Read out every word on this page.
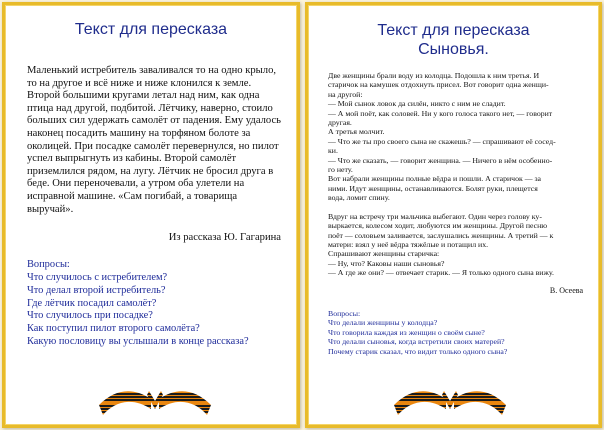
Текст для пересказа

Маленький истребитель заваливался то на одно крыло, то на другое и всё ниже и ниже клонился к земле. Второй большими кругами летал над ним, как одна птица над другой, подбитой. Лётчику, наверно, стоило больших сил удержать самолёт от падения. Ему удалось наконец посадить машину на торфяном болоте за околицей. При посадке самолёт перевернулся, но пилот успел выпрыгнуть из кабины. Второй самолёт приземлился рядом, на лугу. Лётчик не бросил друга в беде. Они переночевали, а утром оба улетели на исправной машине. «Сам погибай, а товарища выручай».

Из рассказа Ю. Гагарина
Вопросы:
Что случилось с истребителем?
Что делал второй истребитель?
Где лётчик посадил самолёт?
Что случилось при посадке?
Как поступил пилот второго самолёта?
Какую пословицу вы услышали в конце рассказа?
Текст для пересказа
Сыновья.
Две женщины брали воду из колодца. Подошла к ним третья. И
старичок на камушек отдохнуть присел. Вот говорит одна женщи-
на другой:
— Мой сынок ловок да силён, никто с ним не сладит.
— А мой поёт, как соловей. Ни у кого голоса такого нет, — говорит
другая.
А третья молчит.
— Что же ты про своего сына не скажешь? — спрашивают её сосед-
ки.
— Что же сказать, — говорит женщина. — Ничего в нём особенно-
го нету.
Вот набрали женщины полные вёдра и пошли. А старичок — за
ними. Идут женщины, останавливаются. Болят руки, плещется
вода, ломит спину.
Вдруг на встречу три мальчика выбегают. Один через голову ку-
выркается, колесом ходит, любуются им женщины. Другой песню
поёт — соловьем заливается, заслушались женщины. А третий — к
матери: взял у неё вёдра тяжёлые и потащил их.
Спрашивают женщины старичка:
— Ну, что? Каковы наши сыновья?
— А где же они? — отвечает старик. — Я только одного сына вижу.
В. Осеева
Вопросы:
Что делали женщины у колодца?
Что говорила каждая из женщин о своём сыне?
Что делали сыновья, когда встретили своих матерей?
Почему старик сказал, что видит только одного сына?
